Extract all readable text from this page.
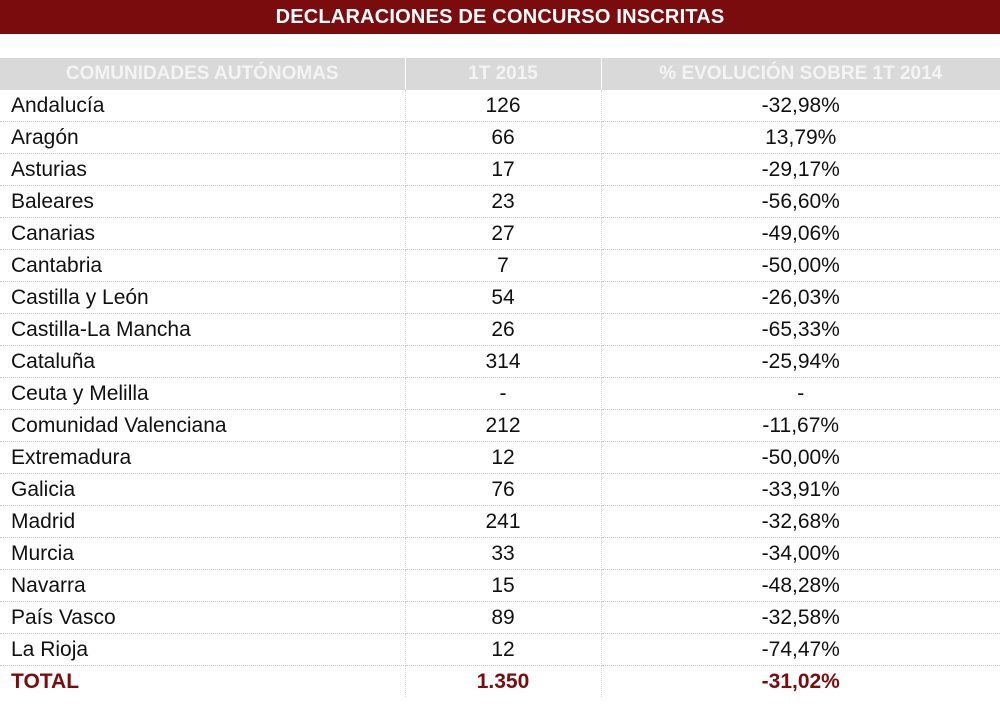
DECLARACIONES DE CONCURSO INSCRITAS
COMUNIDADES AUTÓNOMAS	1T 2015	% EVOLUCIÓN SOBRE 1T 2014
Andalucía	126	-32,98%
Aragón	66	13,79%
Asturias	17	-29,17%
Baleares	23	-56,60%
Canarias	27	-49,06%
Cantabria	7	-50,00%
Castilla y León	54	-26,03%
Castilla-La Mancha	26	-65,33%
Cataluña	314	-25,94%
Ceuta y Melilla	-	-
Comunidad Valenciana	212	-11,67%
Extremadura	12	-50,00%
Galicia	76	-33,91%
Madrid	241	-32,68%
Murcia	33	-34,00%
Navarra	15	-48,28%
País Vasco	89	-32,58%
La Rioja	12	-74,47%
TOTAL	1.350	-31,02%
